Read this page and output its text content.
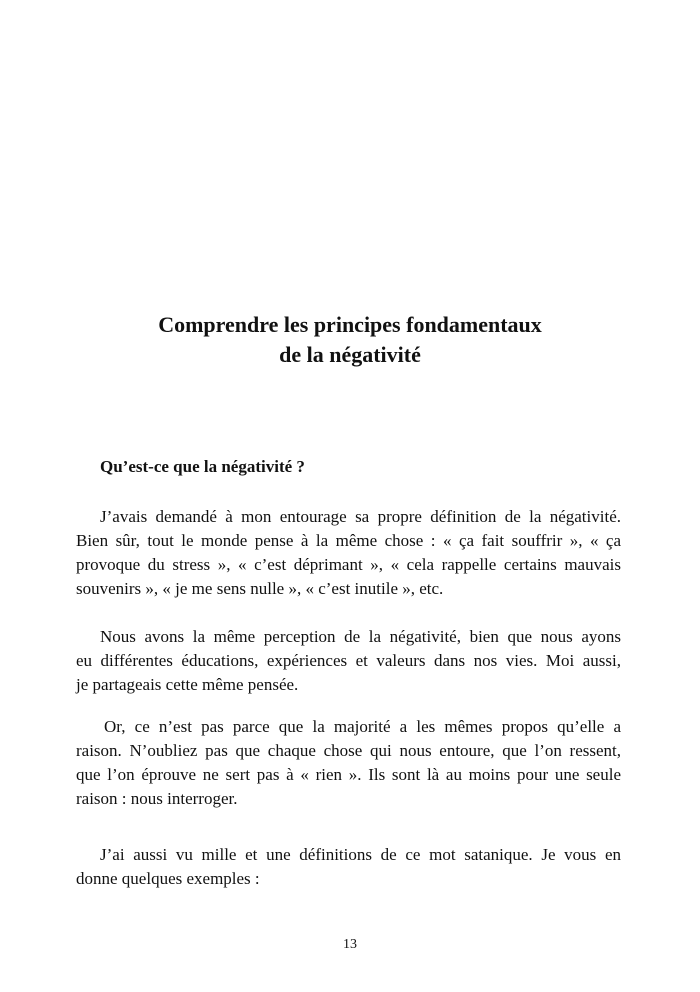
Comprendre les principes fondamentaux
de la négativité
Qu’est-ce que la négativité ?

J’avais demandé à mon entourage sa propre définition de la négativité.
Bien sûr, tout le monde pense à la même chose : « ça fait souffrir », « ça
provoque du stress », « c’est déprimant », « cela rappelle certains mauvais
souvenirs », « je me sens nulle », « c’est inutile », etc.

Nous avons la même perception de la négativité, bien que nous ayons
eu différentes éducations, expériences et valeurs dans nos vies. Moi aussi,
je partageais cette même pensée.

Or, ce n’est pas parce que la majorité a les mêmes propos qu’elle a
raison. N’oubliez pas que chaque chose qui nous entoure, que l’on ressent,
que l’on éprouve ne sert pas à « rien ». Ils sont là au moins pour une seule
raison : nous interroger.

J’ai aussi vu mille et une définitions de ce mot satanique. Je vous en
donne quelques exemples :

13
